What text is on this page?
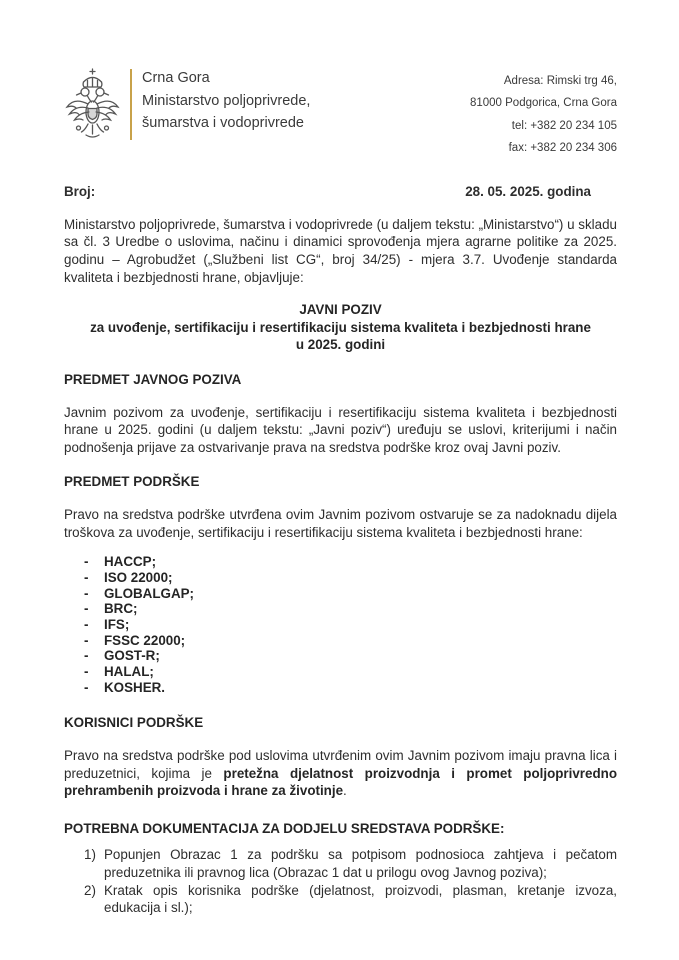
Crna Gora
Ministarstvo poljoprivrede,
šumarstva i vodoprivrede
Adresa: Rimski trg 46,
81000 Podgorica, Crna Gora
tel: +382 20 234 105
fax: +382 20 234 306
Broj:	28. 05. 2025. godina

Ministarstvo poljoprivrede, šumarstva i vodoprivrede (u daljem tekstu: „Ministarstvo“) u skladu sa čl. 3 Uredbe o uslovima, načinu i dinamici sprovođenja mjera agrarne politike za 2025. godinu – Agrobudžet („Službeni list CG“, broj 34/25) - mjera 3.7. Uvođenje standarda kvaliteta i bezbjednosti hrane, objavljuje:

JAVNI POZIV
za uvođenje, sertifikaciju i resertifikaciju sistema kvaliteta i bezbjednosti hrane
u 2025. godini

PREDMET JAVNOG POZIVA

Javnim pozivom za uvođenje, sertifikaciju i resertifikaciju sistema kvaliteta i bezbjednosti hrane u 2025. godini (u daljem tekstu: „Javni poziv“) uređuju se uslovi, kriterijumi i način podnošenja prijave za ostvarivanje prava na sredstva podrške kroz ovaj Javni poziv.

PREDMET PODRŠKE

Pravo na sredstva podrške utvrđena ovim Javnim pozivom ostvaruje se za nadoknadu dijela troškova za uvođenje, sertifikaciju i resertifikaciju sistema kvaliteta i bezbjednosti hrane:

-	HACCP;
-	ISO 22000;
-	GLOBALGAP;
-	BRC;
-	IFS;
-	FSSC 22000;
-	GOST-R;
-	HALAL;
-	KOSHER.

KORISNICI PODRŠKE

Pravo na sredstva podrške pod uslovima utvrđenim ovim Javnim pozivom imaju pravna lica i preduzetnici, kojima je pretežna djelatnost proizvodnja i promet poljoprivredno prehrambenih proizvoda i hrane za životinje.

POTREBNA DOKUMENTACIJA ZA DODJELU SREDSTAVA PODRŠKE:

1) Popunjen Obrazac 1 za podršku sa potpisom podnosioca zahtjeva i pečatom preduzetnika ili pravnog lica (Obrazac 1 dat u prilogu ovog Javnog poziva);
2) Kratak opis korisnika podrške (djelatnost, proizvodi, plasman, kretanje izvoza, edukacija i sl.);
